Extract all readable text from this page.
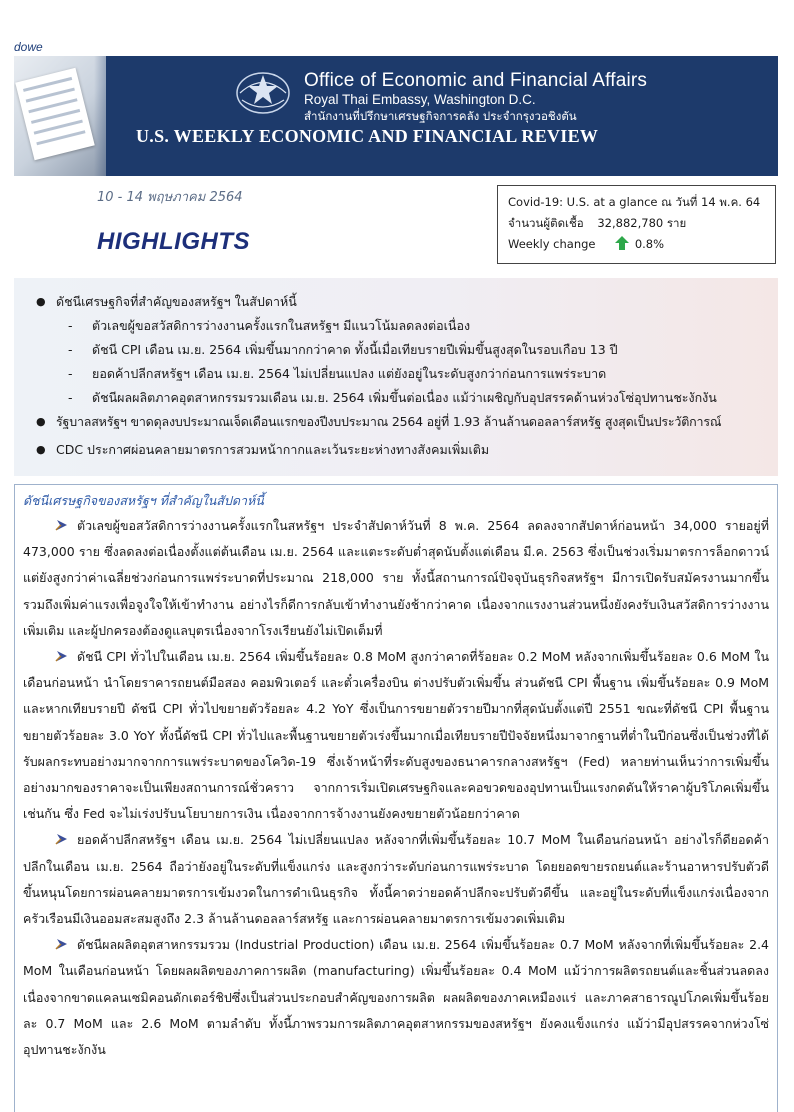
dowe
Office of Economic and Financial Affairs
Royal Thai Embassy, Washington D.C.
สำนักงานที่ปรึกษาเศรษฐกิจการคลัง ประจำกรุงวอชิงตัน
U.S. WEEKLY ECONOMIC AND FINANCIAL REVIEW
10 - 14 พฤษภาคม 2564
HIGHLIGHTS
Covid-19: U.S. at a glance ณ วันที่ 14 พ.ค. 64
จำนวนผู้ติดเชื้อ 32,882,780 ราย
Weekly change	0.8%
● ดัชนีเศรษฐกิจที่สำคัญของสหรัฐฯ ในสัปดาห์นี้
- ตัวเลขผู้ขอสวัสดิการว่างงานครั้งแรกในสหรัฐฯ มีแนวโน้มลดลงต่อเนื่อง
- ดัชนี CPI เดือน เม.ย. 2564 เพิ่มขึ้นมากกว่าคาด ทั้งนี้เมื่อเทียบรายปีเพิ่มขึ้นสูงสุดในรอบเกือบ 13 ปี
- ยอดค้าปลีกสหรัฐฯ เดือน เม.ย. 2564 ไม่เปลี่ยนแปลง แต่ยังอยู่ในระดับสูงกว่าก่อนการแพร่ระบาด
- ดัชนีผลผลิตภาคอุตสาหกรรมรวมเดือน เม.ย. 2564 เพิ่มขึ้นต่อเนื่อง แม้ว่าเผชิญกับอุปสรรคด้านห่วงโซ่อุปทานชะงักงัน
● รัฐบาลสหรัฐฯ ขาดดุลงบประมาณเจ็ดเดือนแรกของปีงบประมาณ 2564 อยู่ที่ 1.93 ล้านล้านดอลลาร์สหรัฐ สูงสุดเป็นประวัติการณ์
● CDC ประกาศผ่อนคลายมาตรการสวมหน้ากากและเว้นระยะห่างทางสังคมเพิ่มเติม
ดัชนีเศรษฐกิจของสหรัฐฯ ที่สำคัญในสัปดาห์นี้
ตัวเลขผู้ขอสวัสดิการว่างงานครั้งแรกในสหรัฐฯ ประจำสัปดาห์วันที่ 8 พ.ค. 2564 ลดลงจากสัปดาห์ก่อนหน้า 34,000 รายอยู่ที่ 473,000 ราย ซึ่งลดลงต่อเนื่องตั้งแต่ต้นเดือน เม.ย. 2564 และแตะระดับต่ำสุดนับตั้งแต่เดือน มี.ค. 2563 ซึ่งเป็นช่วงเริ่มมาตรการล็อกดาวน์ แต่ยังสูงกว่าค่าเฉลี่ยช่วงก่อนการแพร่ระบาดที่ประมาณ 218,000 ราย ทั้งนี้สถานการณ์ปัจจุบันธุรกิจสหรัฐฯ มีการเปิดรับสมัครงานมากขึ้น รวมถึงเพิ่มค่าแรงเพื่อจูงใจให้เข้าทำงาน อย่างไรก็ดีการกลับเข้าทำงานยังช้ากว่าคาด เนื่องจากแรงงานส่วนหนึ่งยังคงรับเงินสวัสดิการว่างงานเพิ่มเติม และผู้ปกครองต้องดูแลบุตรเนื่องจากโรงเรียนยังไม่เปิดเต็มที่
ดัชนี CPI ทั่วไปในเดือน เม.ย. 2564 เพิ่มขึ้นร้อยละ 0.8 MoM สูงกว่าคาดที่ร้อยละ 0.2 MoM หลังจากเพิ่มขึ้นร้อยละ 0.6 MoM ในเดือนก่อนหน้า นำโดยราคารถยนต์มือสอง คอมพิวเตอร์ และตั๋วเครื่องบิน ต่างปรับตัวเพิ่มขึ้น ส่วนดัชนี CPI พื้นฐาน เพิ่มขึ้นร้อยละ 0.9 MoM และหากเทียบรายปี ดัชนี CPI ทั่วไปขยายตัวร้อยละ 4.2 YoY ซึ่งเป็นการขยายตัวรายปีมากที่สุดนับตั้งแต่ปี 2551 ขณะที่ดัชนี CPI พื้นฐานขยายตัวร้อยละ 3.0 YoY ทั้งนี้ดัชนี CPI ทั่วไปและพื้นฐานขยายตัวเร่งขึ้นมากเมื่อเทียบรายปีปัจจัยหนึ่งมาจากฐานที่ต่ำในปีก่อนซึ่งเป็นช่วงที่ได้รับผลกระทบอย่างมากจากการแพร่ระบาดของโควิด-19 ซึ่งเจ้าหน้าที่ระดับสูงของธนาคารกลางสหรัฐฯ (Fed) หลายท่านเห็นว่าการเพิ่มขึ้นอย่างมากของราคาจะเป็นเพียงสถานการณ์ชั่วคราว จากการเริ่มเปิดเศรษฐกิจและคอขวดของอุปทานเป็นแรงกดดันให้ราคาผู้บริโภคเพิ่มขึ้นเช่นกัน ซึ่ง Fed จะไม่เร่งปรับนโยบายการเงิน เนื่องจากการจ้างงานยังคงขยายตัวน้อยกว่าคาด
ยอดค้าปลีกสหรัฐฯ เดือน เม.ย. 2564 ไม่เปลี่ยนแปลง หลังจากที่เพิ่มขึ้นร้อยละ 10.7 MoM ในเดือนก่อนหน้า อย่างไรก็ดียอดค้าปลีกในเดือน เม.ย. 2564 ถือว่ายังอยู่ในระดับที่แข็งแกร่ง และสูงกว่าระดับก่อนการแพร่ระบาด โดยยอดขายรถยนต์และร้านอาหารปรับตัวดีขึ้นหนุนโดยการผ่อนคลายมาตรการเข้มงวดในการดำเนินธุรกิจ ทั้งนี้คาดว่ายอดค้าปลีกจะปรับตัวดีขึ้น และอยู่ในระดับที่แข็งแกร่งเนื่องจากครัวเรือนมีเงินออมสะสมสูงถึง 2.3 ล้านล้านดอลลาร์สหรัฐ และการผ่อนคลายมาตรการเข้มงวดเพิ่มเติม
ดัชนีผลผลิตอุตสาหกรรมรวม (Industrial Production) เดือน เม.ย. 2564 เพิ่มขึ้นร้อยละ 0.7 MoM หลังจากที่เพิ่มขึ้นร้อยละ 2.4 MoM ในเดือนก่อนหน้า โดยผลผลิตของภาคการผลิต (manufacturing) เพิ่มขึ้นร้อยละ 0.4 MoM แม้ว่าการผลิตรถยนต์และชิ้นส่วนลดลงเนื่องจากขาดแคลนเซมิคอนดักเตอร์ชิปซึ่งเป็นส่วนประกอบสำคัญของการผลิต ผลผลิตของภาคเหมืองแร่ และภาคสาธารณูปโภคเพิ่มขึ้นร้อยละ 0.7 MoM และ 2.6 MoM ตามลำดับ ทั้งนี้ภาพรวมการผลิตภาคอุตสาหกรรมของสหรัฐฯ ยังคงแข็งแกร่ง แม้ว่ามีอุปสรรคจากห่วงโซ่อุปทานชะงักงัน
